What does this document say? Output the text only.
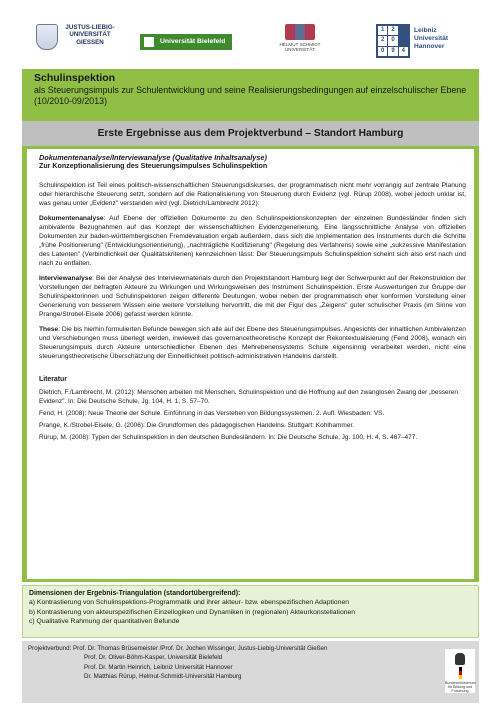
JUSTUS-LIEBIG-UNIVERSITÄT GIESSEN	Universität Bielefeld	HELMUT SCHMIDT UNIVERSITÄT
1	2
2	0
0	9	4
Leibniz Universität Hannover
Schulinspektion

als Steuerungsimpuls zur Schulentwicklung und seine Realisierungsbedingungen auf einzelschulischer Ebene (10/2010-09/2013)

Erste Ergebnisse aus dem Projektverbund – Standort Hamburg
Dokumentenanalyse/Interviewanalyse (Qualitative Inhaltsanalyse)
Zur Konzeptionalisierung des Steuerungsimpulses Schulinspektion

Schulinspektion ist Teil eines politisch-wissenschaftlichen Steuerungsdiskurses, der programmatisch nicht mehr vorrangig auf zentrale Planung oder hierarchische Steuerung setzt, sondern auf die Rationalisierung von Steuerung durch Evidenz (vgl. Rürup 2008), wobei jedoch unklar ist, was genau unter „Evidenz" verstanden wird (vgl. Dietrich/Lambrecht 2012):

Dokumentenanalyse: Auf Ebene der offiziellen Dokumente zu den Schulinspektionskonzepten der einzelnen Bundesländer finden sich ambivalente Bezugnahmen auf das Konzept der wissenschaftlichen Evidenzgenerierung. Eine längsschnittliche Analyse von offiziellen Dokumenten zur baden-württembergischen Fremdevaluation ergab außerdem, dass sich die Implementation des Instruments durch die Schritte „frühe Positionierung" (Entwicklungsorientierung), „nachträgliche Kodifizierung" (Regelung des Verfahrens) sowie eine „sukzessive Manifestation des Latenten" (Verbindlichkeit der Qualitätskriterien) kennzeichnen lässt: Der Steuerungsimpuls Schulinspektion scheint sich also erst nach und nach zu entfalten.

Interviewanalyse: Bei der Analyse des Interviewmaterials durch den Projektstandort Hamburg liegt der Schwerpunkt auf der Rekonstruktion der Vorstellungen der befragten Akteure zu Wirkungen und Wirkungsweisen des Instrument Schulinspektion. Erste Auswertungen zur Gruppe der Schulinspektorinnen und Schulinspektoren zeigen differente Deutungen, wobei neben der programmatisch eher konformen Vorstellung einer Generierung von besserem Wissen eine weitere Vorstellung hervortritt, die mit der Figur des „Zeigens" guter schulischer Praxis (im Sinne von Prange/Strobel-Eisele 2006) gefasst werden könnte.

These: Die bis hierhin formulierten Befunde bewegen sich alle auf der Ebene des Steuerungsimpulses. Angesichts der inhaltlichen Ambivalenzen und Verschiebungen muss überlegt werden, inwieweit das governancetheoretische Konzept der Rekontextualisierung (Fend 2008), wonach ein Steuerungsimpuls durch Akteure unterschiedlicher Ebenen des Mehrebenensystems Schule eigensinnig verarbeitet werden, nicht eine steuerungstheoretische Überschätzung der Einheitlichkeit politisch-administrativen Handelns darstellt.

Literatur
Dietrich, F./Lambrecht, M. (2012): Menschen arbeiten mit Menschen. Schulinspektion und die Hoffnung auf den zwanglosen Zwang der „besseren Evidenz". In: Die Deutsche Schule, Jg. 104, H. 1, S. 57–70.
Fend, H. (2008): Neue Theorie der Schule. Einführung in das Verstehen von Bildungssystemen. 2. Aufl. Wiesbaden: VS.
Prange, K./Strobel-Eisele, G. (2006): Die Grundformen des pädagogischen Handelns. Stuttgart: Kohlhammer.
Rürup, M. (2008): Typen der Schulinspektion in den deutschen Bundesländern. In: Die Deutsche Schule, Jg. 100, H. 4, S. 467–477.
Dimensionen der Ergebnis-Triangulation (standortübergreifend):
a) Kontrastierung von Schulinspektions-Programmatik und ihrer akteur- bzw. ebenspezifischen Adaptionen
b) Kontrastierung von akteurspezifischen Einzellogiken und Dynamiken in (regionalen) Akteurkonstellationen
c) Qualitative Rahmung der quantitativen Befunde
Projektverbund: Prof. Dr. Thomas Brüsemeister /Prof. Dr. Jochen Wissinger, Justus-Liebig-Universität Gießen
Prof. Dr. Oliver-Böhm-Kasper, Universität Bielefeld
Prof. Dr. Martin Heinrich, Leibniz Universität Hannover
Dr. Matthias Rürup, Helmut-Schmidt-Universität Hamburg
Bundesministerium für Bildung und Forschung
